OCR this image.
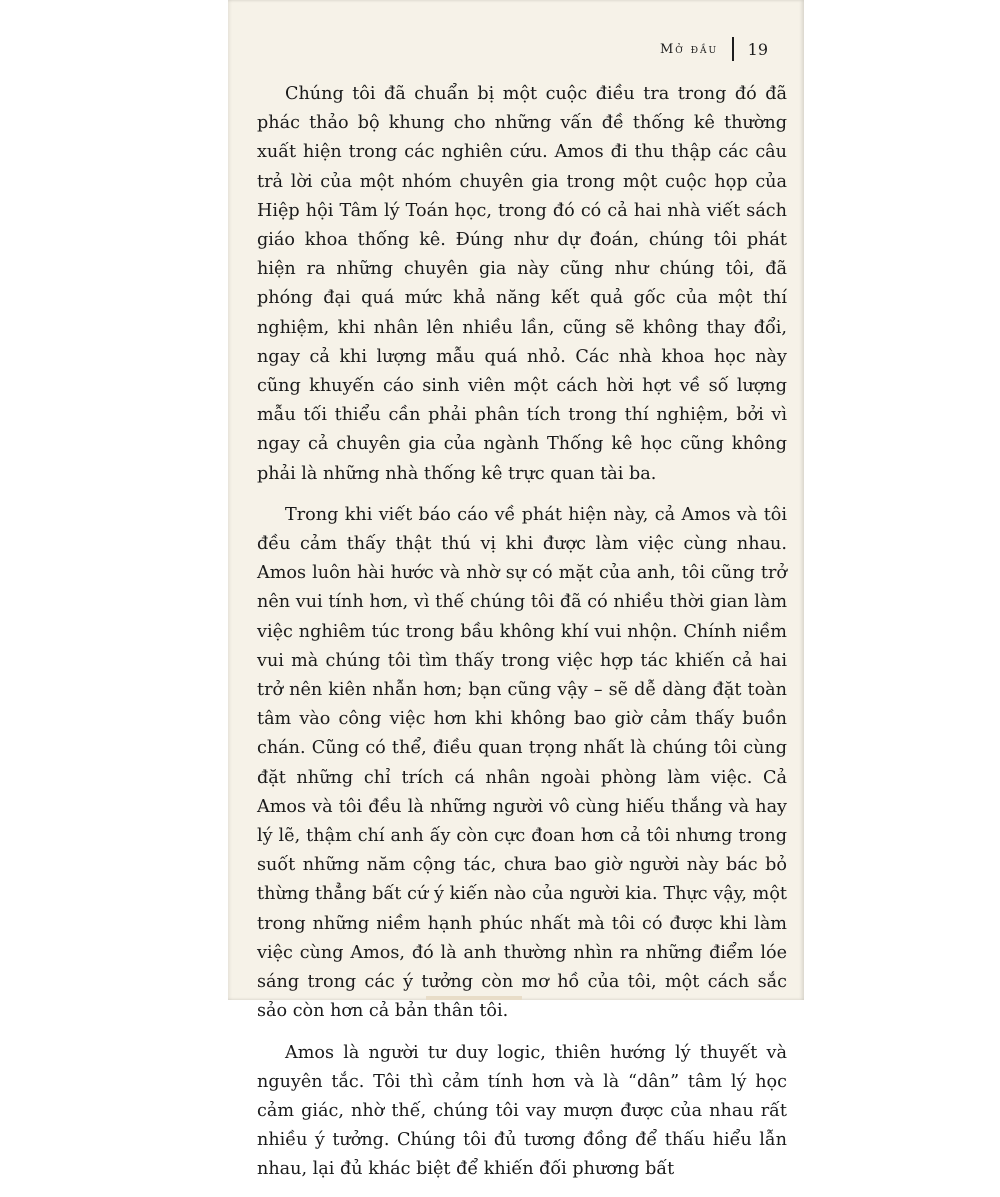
Mở đầu 19

Chúng tôi đã chuẩn bị một cuộc điều tra trong đó đã phác thảo bộ khung cho những vấn đề thống kê thường xuất hiện trong các nghiên cứu. Amos đi thu thập các câu trả lời của một nhóm chuyên gia trong một cuộc họp của Hiệp hội Tâm lý Toán học, trong đó có cả hai nhà viết sách giáo khoa thống kê. Đúng như dự đoán, chúng tôi phát hiện ra những chuyên gia này cũng như chúng tôi, đã phóng đại quá mức khả năng kết quả gốc của một thí nghiệm, khi nhân lên nhiều lần, cũng sẽ không thay đổi, ngay cả khi lượng mẫu quá nhỏ. Các nhà khoa học này cũng khuyến cáo sinh viên một cách hời hợt về số lượng mẫu tối thiểu cần phải phân tích trong thí nghiệm, bởi vì ngay cả chuyên gia của ngành Thống kê học cũng không phải là những nhà thống kê trực quan tài ba.

Trong khi viết báo cáo về phát hiện này, cả Amos và tôi đều cảm thấy thật thú vị khi được làm việc cùng nhau. Amos luôn hài hước và nhờ sự có mặt của anh, tôi cũng trở nên vui tính hơn, vì thế chúng tôi đã có nhiều thời gian làm việc nghiêm túc trong bầu không khí vui nhộn. Chính niềm vui mà chúng tôi tìm thấy trong việc hợp tác khiến cả hai trở nên kiên nhẫn hơn; bạn cũng vậy – sẽ dễ dàng đặt toàn tâm vào công việc hơn khi không bao giờ cảm thấy buồn chán. Cũng có thể, điều quan trọng nhất là chúng tôi cùng đặt những chỉ trích cá nhân ngoài phòng làm việc. Cả Amos và tôi đều là những người vô cùng hiếu thắng và hay lý lẽ, thậm chí anh ấy còn cực đoan hơn cả tôi nhưng trong suốt những năm cộng tác, chưa bao giờ người này bác bỏ thừng thẳng bất cứ ý kiến nào của người kia. Thực vậy, một trong những niềm hạnh phúc nhất mà tôi có được khi làm việc cùng Amos, đó là anh thường nhìn ra những điểm lóe sáng trong các ý tưởng còn mơ hồ của tôi, một cách sắc sảo còn hơn cả bản thân tôi.

Amos là người tư duy logic, thiên hướng lý thuyết và nguyên tắc. Tôi thì cảm tính hơn và là “dân” tâm lý học cảm giác, nhờ thế, chúng tôi vay mượn được của nhau rất nhiều ý tưởng. Chúng tôi đủ tương đồng để thấu hiểu lẫn nhau, lại đủ khác biệt để khiến đối phương bất
